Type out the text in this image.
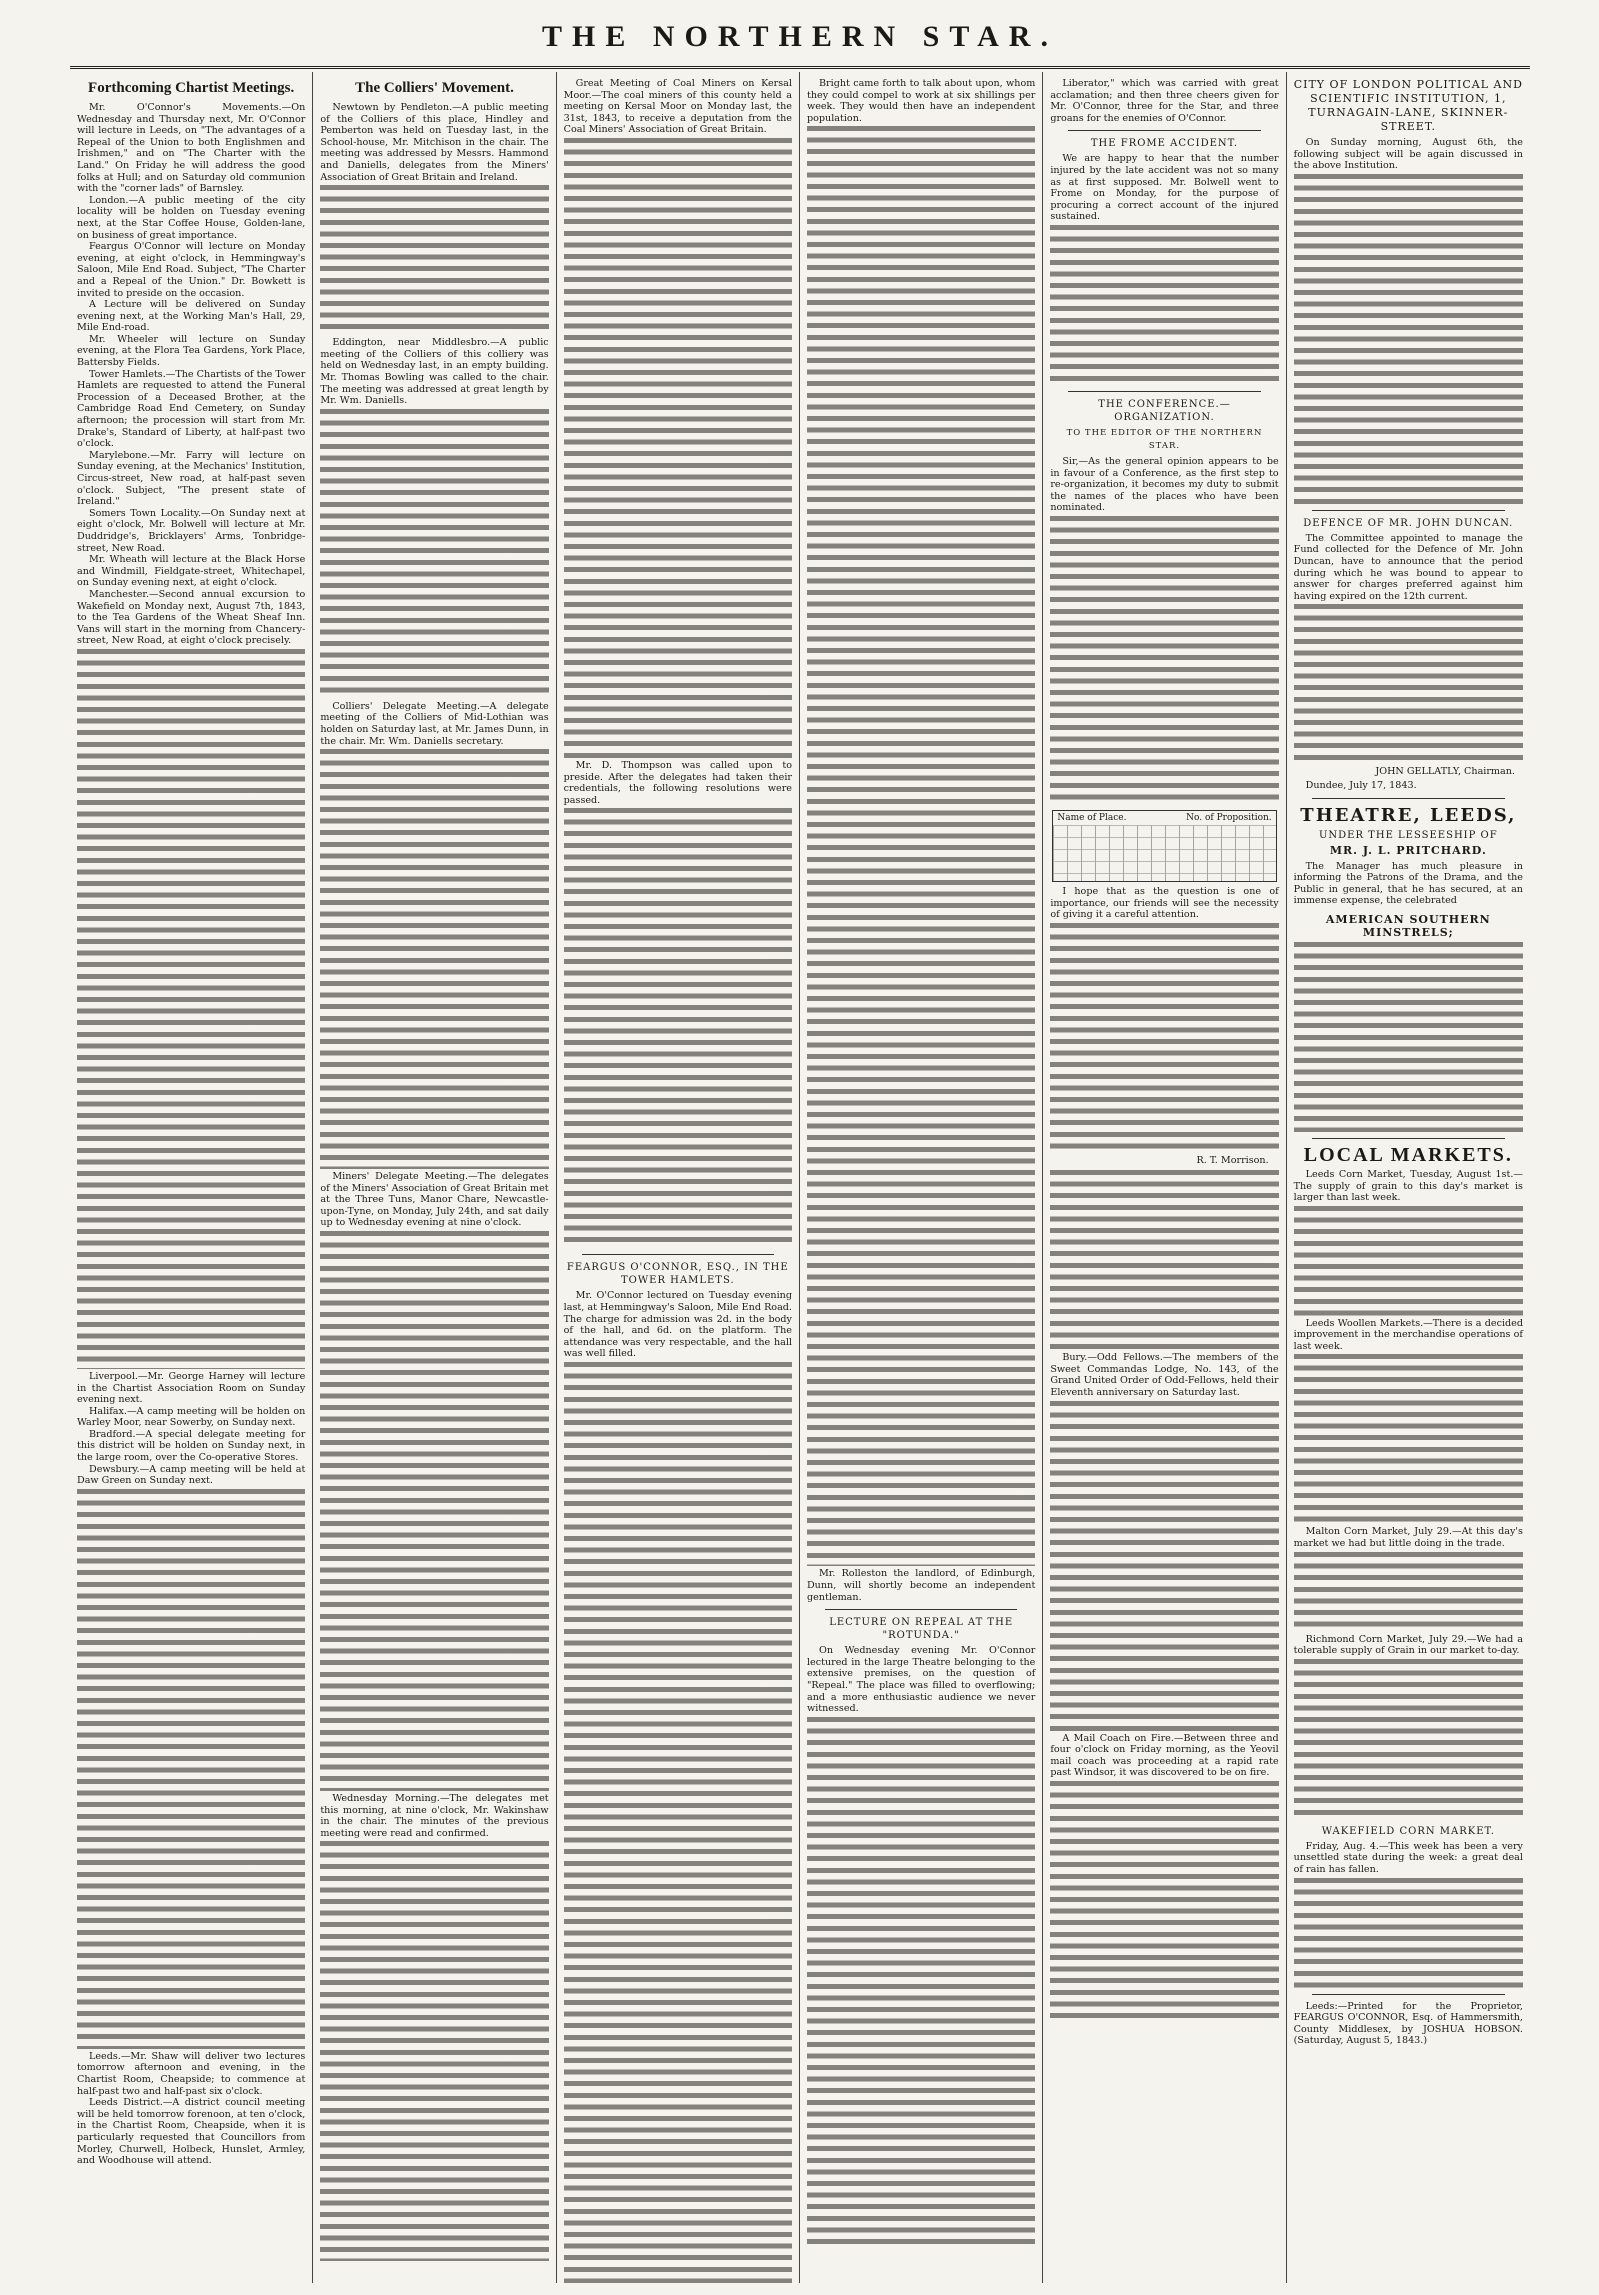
THE NORTHERN STAR.
Forthcoming Chartist Meetings.

Mr. O'Connor's Movements.—On Wednesday and Thursday next, Mr. O'Connor will lecture in Leeds, on "The advantages of a Repeal of the Union to both Englishmen and Irishmen," and on "The Charter with the Land." On Friday he will address the good folks at Hull; and on Saturday old communion with the "corner lads" of Barnsley.

London.—A public meeting of the city locality will be holden on Tuesday evening next, at the Star Coffee House, Golden-lane, on business of great importance.

Feargus O'Connor will lecture on Monday evening, at eight o'clock, in Hemmingway's Saloon, Mile End Road. Subject, "The Charter and a Repeal of the Union." Dr. Bowkett is invited to preside on the occasion.

A Lecture will be delivered on Sunday evening next, at the Working Man's Hall, 29, Mile End-road.

Mr. Wheeler will lecture on Sunday evening, at the Flora Tea Gardens, York Place, Battersby Fields.

Tower Hamlets.—The Chartists of the Tower Hamlets are requested to attend the Funeral Procession of a Deceased Brother, at the Cambridge Road End Cemetery, on Sunday afternoon; the procession will start from Mr. Drake's, Standard of Liberty, at half-past two o'clock.

Marylebone.—Mr. Farry will lecture on Sunday evening, at the Mechanics' Institution, Circus-street, New road, at half-past seven o'clock. Subject, "The present state of Ireland."

Somers Town Locality.—On Sunday next at eight o'clock, Mr. Bolwell will lecture at Mr. Duddridge's, Bricklayers' Arms, Tonbridge-street, New Road.

Mr. Wheath will lecture at the Black Horse and Windmill, Fieldgate-street, Whitechapel, on Sunday evening next, at eight o'clock.

Manchester.—Second annual excursion to Wakefield on Monday next, August 7th, 1843, to the Tea Gardens of the Wheat Sheaf Inn. Vans will start in the morning from Chancery-street, New Road, at eight o'clock precisely.

Liverpool.—Mr. George Harney will lecture in the Chartist Association Room on Sunday evening next.

Halifax.—A camp meeting will be holden on Warley Moor, near Sowerby, on Sunday next.

Bradford.—A special delegate meeting for this district will be holden on Sunday next, in the large room, over the Co-operative Stores.

Dewsbury.—A camp meeting will be held at Daw Green on Sunday next.

Leeds.—Mr. Shaw will deliver two lectures tomorrow afternoon and evening, in the Chartist Room, Cheapside; to commence at half-past two and half-past six o'clock.

Leeds District.—A district council meeting will be held tomorrow forenoon, at ten o'clock, in the Chartist Room, Cheapside, when it is particularly requested that Councillors from Morley, Churwell, Holbeck, Hunslet, Armley, and Woodhouse will attend.

The Colliers' Movement.

Newtown by Pendleton.—A public meeting of the Colliers of this place, Hindley and Pemberton was held on Tuesday last, in the School-house, Mr. Mitchison in the chair. The meeting was addressed by Messrs. Hammond and Daniells, delegates from the Miners' Association of Great Britain and Ireland.

Eddington, near Middlesbro.—A public meeting of the Colliers of this colliery was held on Wednesday last, in an empty building. Mr. Thomas Bowling was called to the chair. The meeting was addressed at great length by Mr. Wm. Daniells.

Colliers' Delegate Meeting.—A delegate meeting of the Colliers of Mid-Lothian was holden on Saturday last, at Mr. James Dunn, in the chair. Mr. Wm. Daniells secretary.

Miners' Delegate Meeting.—The delegates of the Miners' Association of Great Britain met at the Three Tuns, Manor Chare, Newcastle-upon-Tyne, on Monday, July 24th, and sat daily up to Wednesday evening at nine o'clock.

Wednesday Morning.—The delegates met this morning, at nine o'clock, Mr. Wakinshaw in the chair. The minutes of the previous meeting were read and confirmed.

Great Meeting of Coal Miners on Kersal Moor.—The coal miners of this county held a meeting on Kersal Moor on Monday last, the 31st, 1843, to receive a deputation from the Coal Miners' Association of Great Britain.

Mr. D. Thompson was called upon to preside. After the delegates had taken their credentials, the following resolutions were passed.

FEARGUS O'CONNOR, ESQ., IN THE TOWER HAMLETS.

Mr. O'Connor lectured on Tuesday evening last, at Hemmingway's Saloon, Mile End Road. The charge for admission was 2d. in the body of the hall, and 6d. on the platform. The attendance was very respectable, and the hall was well filled.

Bright came forth to talk about upon, whom they could compel to work at six shillings per week. They would then have an independent population.

Mr. Rolleston the landlord, of Edinburgh, Dunn, will shortly become an independent gentleman.

LECTURE ON REPEAL AT THE "ROTUNDA."

On Wednesday evening Mr. O'Connor lectured in the large Theatre belonging to the extensive premises, on the question of "Repeal." The place was filled to overflowing; and a more enthusiastic audience we never witnessed.

Liberator," which was carried with great acclamation; and then three cheers given for Mr. O'Connor, three for the Star, and three groans for the enemies of O'Connor.

THE FROME ACCIDENT.

We are happy to hear that the number injured by the late accident was not so many as at first supposed. Mr. Bolwell went to Frome on Monday, for the purpose of procuring a correct account of the injured sustained.

THE CONFERENCE.—ORGANIZATION.
TO THE EDITOR OF THE NORTHERN STAR.

Sir,—As the general opinion appears to be in favour of a Conference, as the first step to re-organization, it becomes my duty to submit the names of the places who have been nominated.

Name of Place.	No. of Proposition.

I hope that as the question is one of importance, our friends will see the necessity of giving it a careful attention.

R. T. Morrison.

Bury.—Odd Fellows.—The members of the Sweet Commandas Lodge, No. 143, of the Grand United Order of Odd-Fellows, held their Eleventh anniversary on Saturday last.

A Mail Coach on Fire.—Between three and four o'clock on Friday morning, as the Yeovil mail coach was proceeding at a rapid rate past Windsor, it was discovered to be on fire.

CITY OF LONDON POLITICAL AND SCIENTIFIC INSTITUTION, 1, TURNAGAIN-LANE, SKINNER-STREET.

On Sunday morning, August 6th, the following subject will be again discussed in the above Institution.

DEFENCE OF MR. JOHN DUNCAN.

The Committee appointed to manage the Fund collected for the Defence of Mr. John Duncan, have to announce that the period during which he was bound to appear to answer for charges preferred against him having expired on the 12th current.

JOHN GELLATLY, Chairman.

Dundee, July 17, 1843.

THEATRE, LEEDS,
UNDER THE LESSEESHIP OF
MR. J. L. PRITCHARD.

The Manager has much pleasure in informing the Patrons of the Drama, and the Public in general, that he has secured, at an immense expense, the celebrated

AMERICAN SOUTHERN MINSTRELS;
LOCAL MARKETS.

Leeds Corn Market, Tuesday, August 1st.—The supply of grain to this day's market is larger than last week.

Leeds Woollen Markets.—There is a decided improvement in the merchandise operations of last week.

Malton Corn Market, July 29.—At this day's market we had but little doing in the trade.

Richmond Corn Market, July 29.—We had a tolerable supply of Grain in our market to-day.

WAKEFIELD CORN MARKET.

Friday, Aug. 4.—This week has been a very unsettled state during the week: a great deal of rain has fallen.

Leeds:—Printed for the Proprietor, FEARGUS O'CONNOR, Esq. of Hammersmith, County Middlesex, by JOSHUA HOBSON. (Saturday, August 5, 1843.)
